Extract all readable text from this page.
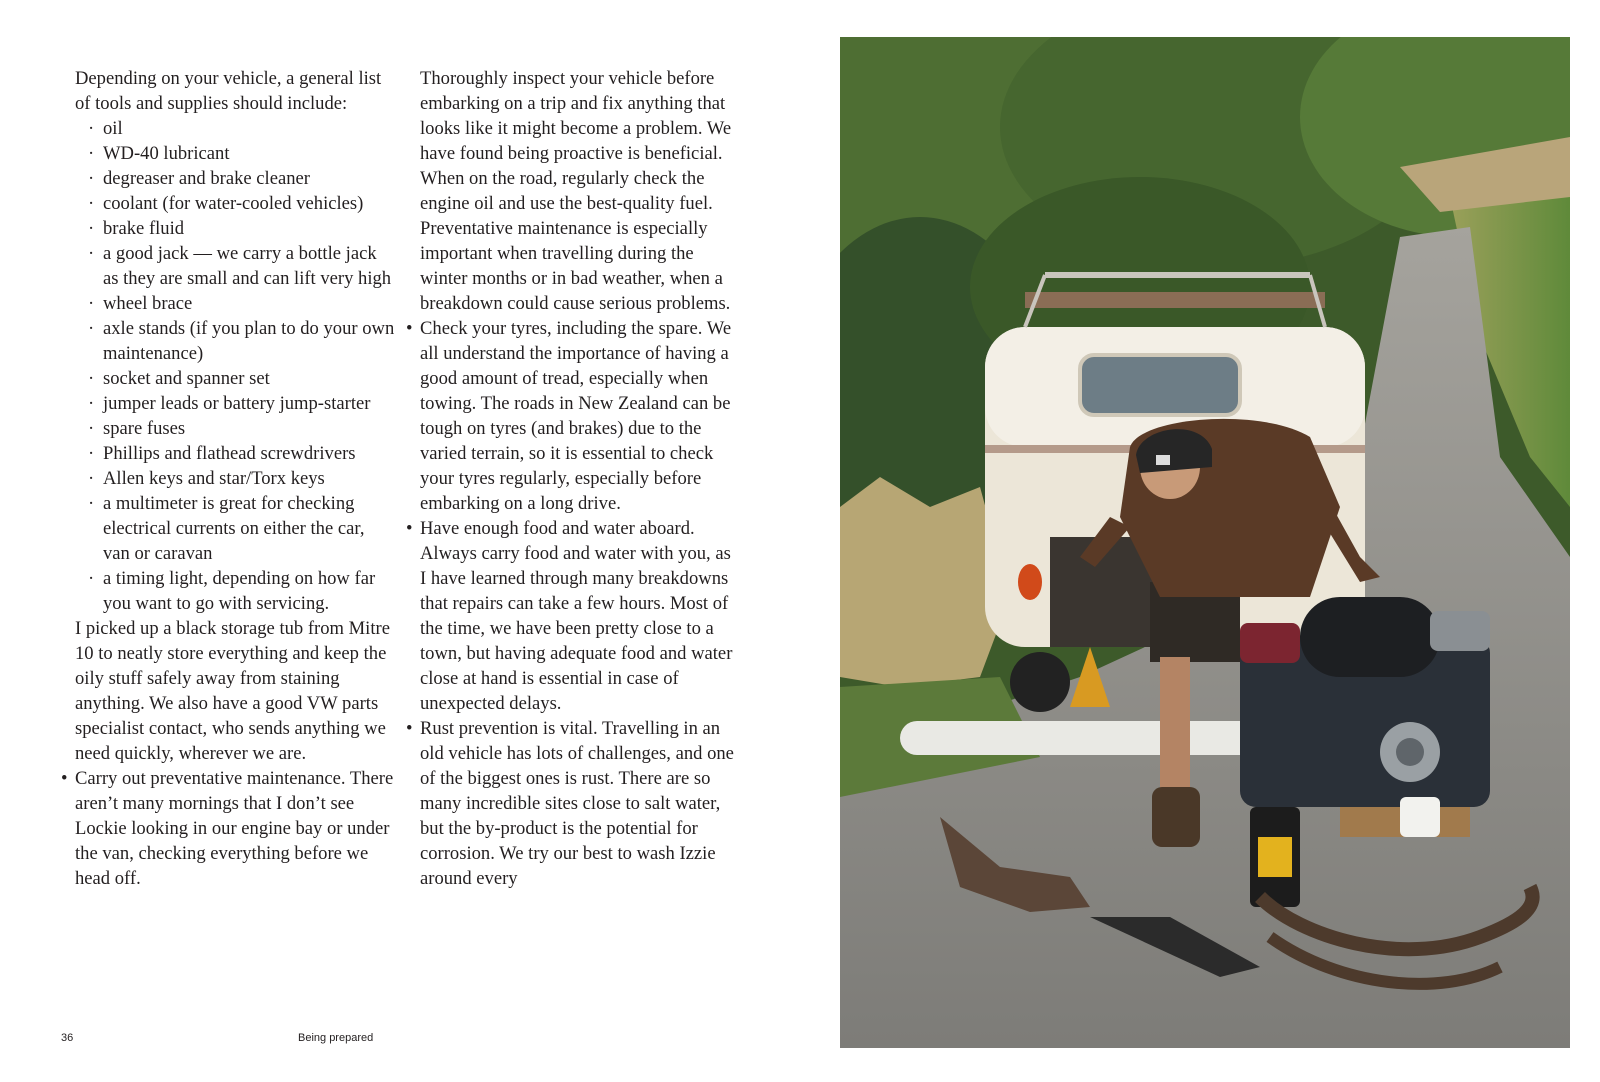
Depending on your vehicle, a general list of tools and supplies should include:

· oil
· WD-40 lubricant
· degreaser and brake cleaner
· coolant (for water-cooled vehicles)
· brake fluid
· a good jack — we carry a bottle jack as they are small and can lift very high
· wheel brace
· axle stands (if you plan to do your own maintenance)
· socket and spanner set
· jumper leads or battery jump-starter
· spare fuses
· Phillips and flathead screwdrivers
· Allen keys and star/Torx keys
· a multimeter is great for checking electrical currents on either the car, van or caravan
· a timing light, depending on how far you want to go with servicing.

I picked up a black storage tub from Mitre 10 to neatly store everything and keep the oily stuff safely away from staining anything. We also have a good VW parts specialist contact, who sends anything we need quickly, wherever we are.

• Carry out preventative maintenance. There aren’t many mornings that I don’t see Lockie looking in our engine bay or under the van, checking everything before we head off.

Thoroughly inspect your vehicle before embarking on a trip and fix anything that looks like it might become a problem. We have found being proactive is beneficial. When on the road, regularly check the engine oil and use the best-quality fuel. Preventative maintenance is especially important when travelling during the winter months or in bad weather, when a breakdown could cause serious problems.

• Check your tyres, including the spare. We all understand the importance of having a good amount of tread, especially when towing. The roads in New Zealand can be tough on tyres (and brakes) due to the varied terrain, so it is essential to check your tyres regularly, especially before embarking on a long drive.

• Have enough food and water aboard. Always carry food and water with you, as I have learned through many breakdowns that repairs can take a few hours. Most of the time, we have been pretty close to a town, but having adequate food and water close at hand is essential in case of unexpected delays.

• Rust prevention is vital. Travelling in an old vehicle has lots of challenges, and one of the biggest ones is rust. There are so many incredible sites close to salt water, but the by-product is the potential for corrosion. We try our best to wash Izzie around every

36	Being prepared
